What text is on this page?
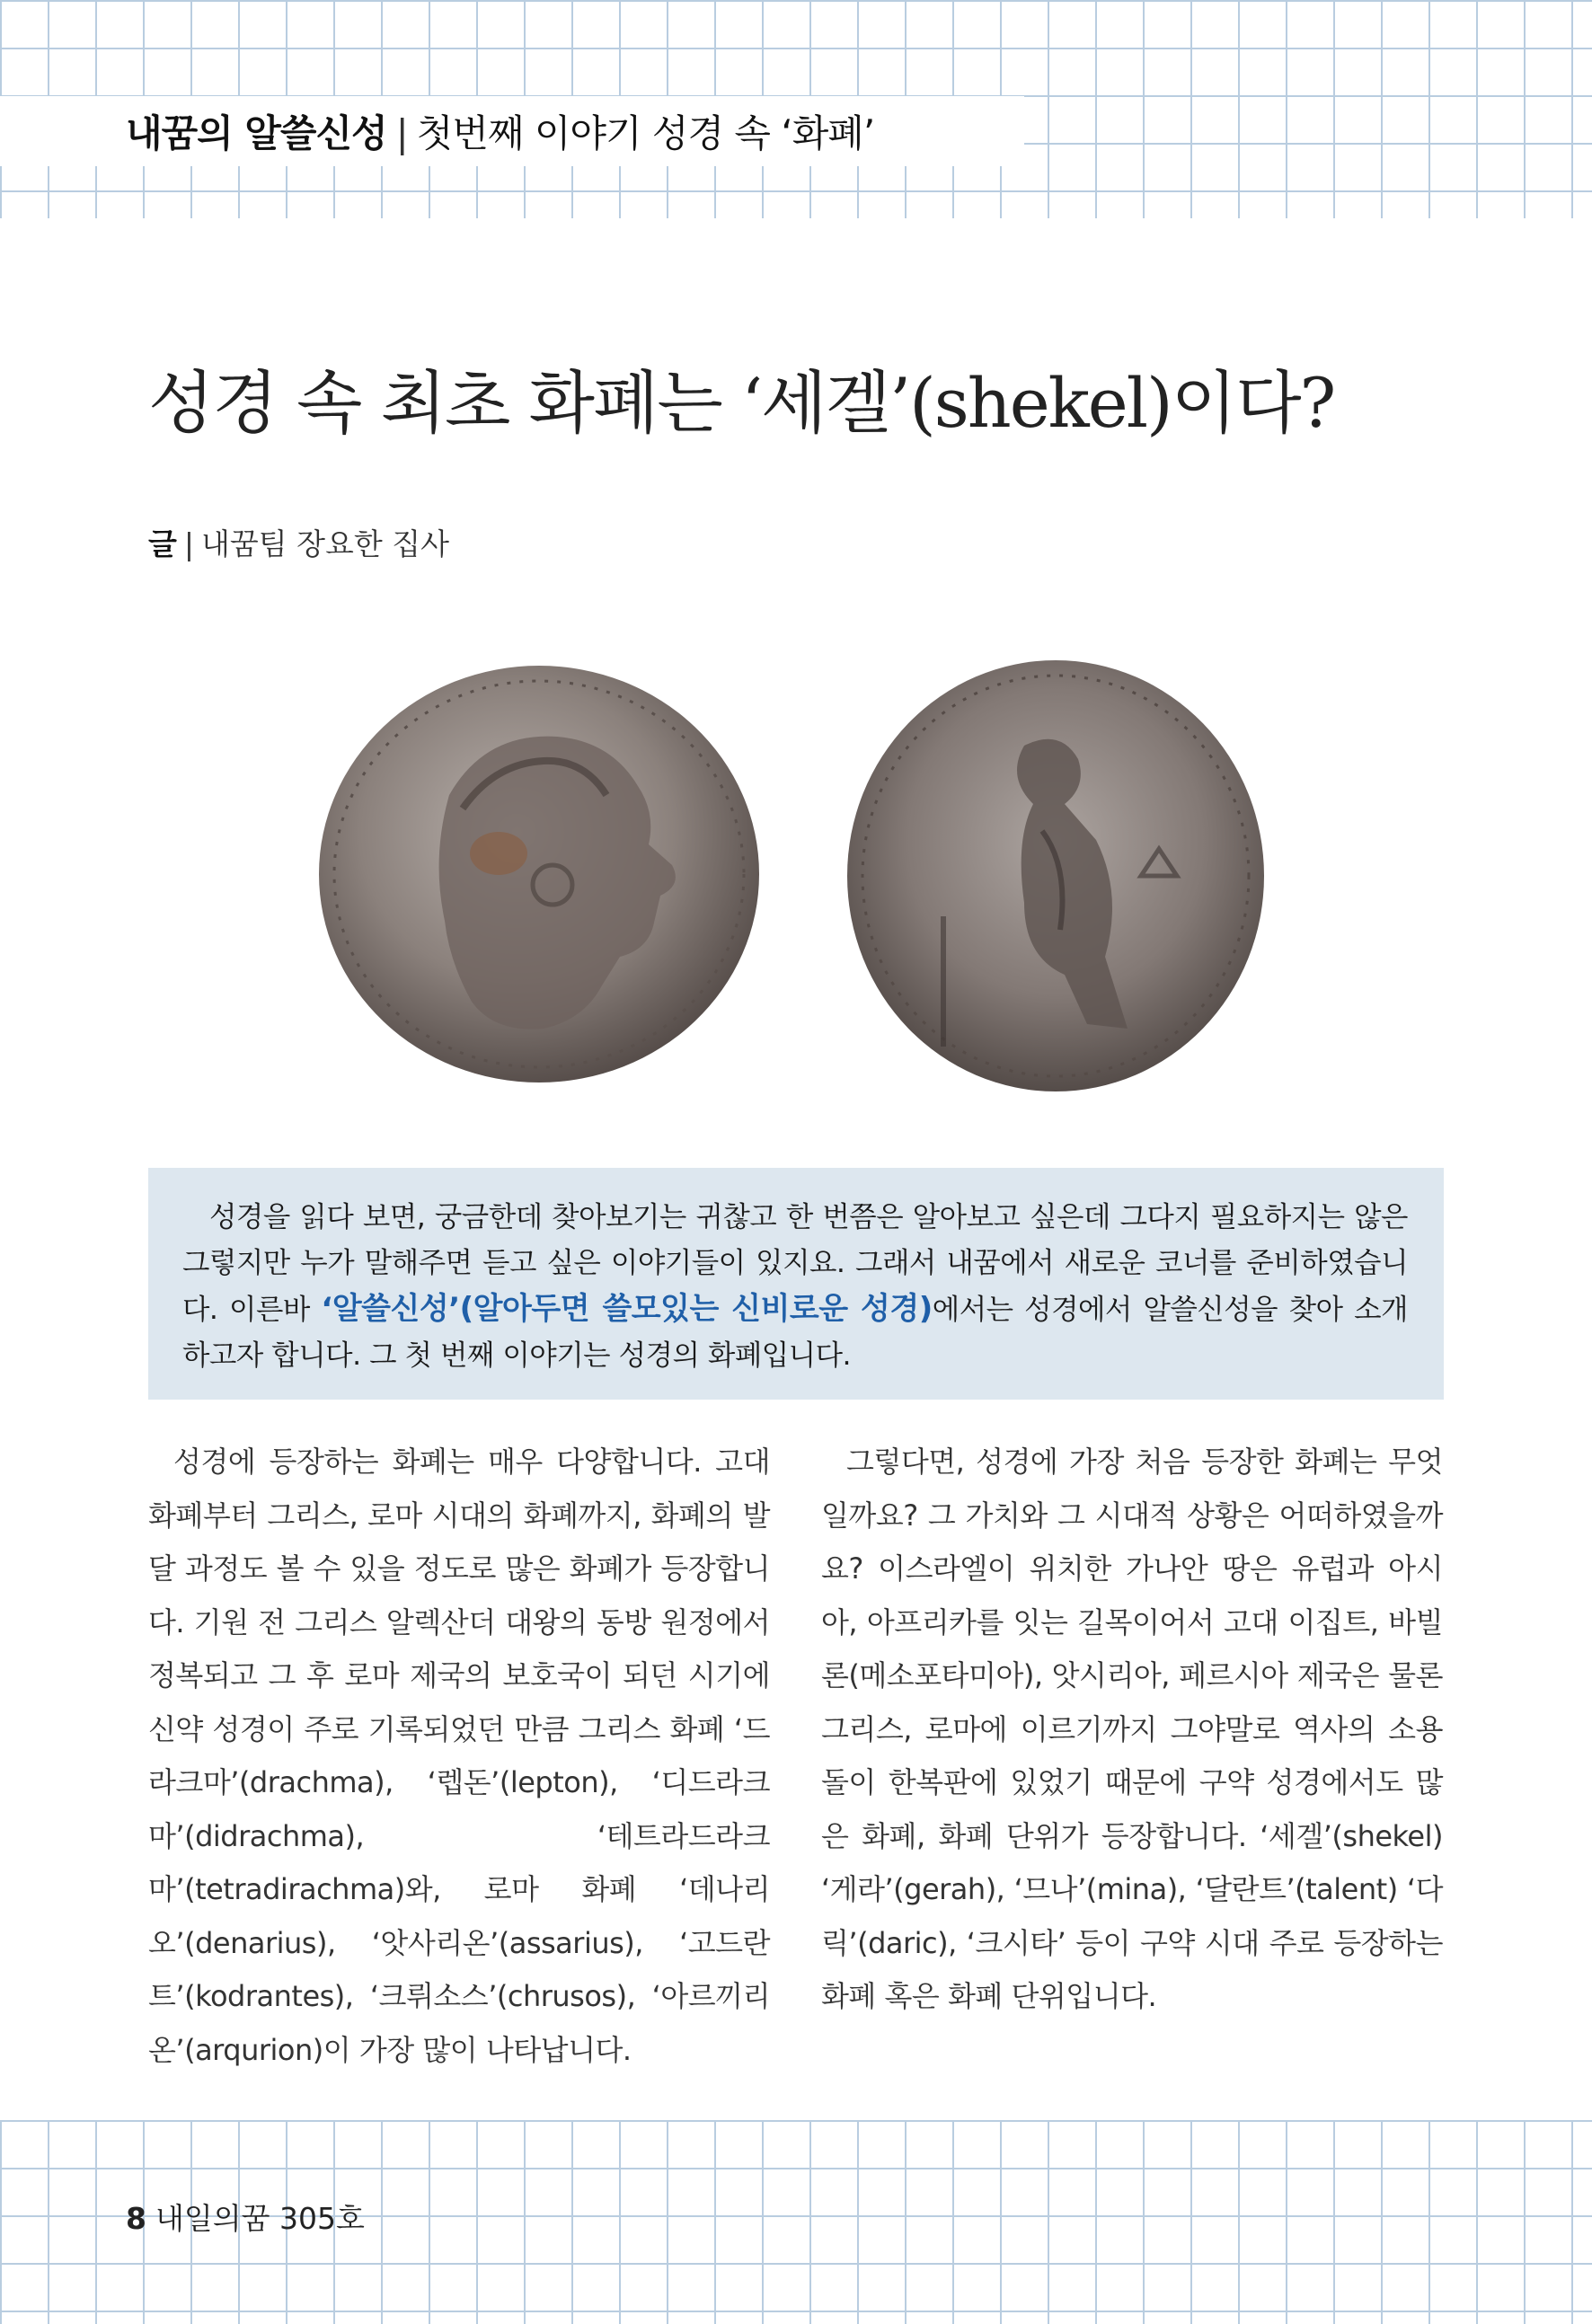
내꿈의 알쓸신성 | 첫번째 이야기 성경 속 ‘화폐’
성경 속 최초 화폐는 ‘세겔’(shekel)이다?
글 | 내꿈팀 장요한 집사

성경을 읽다 보면, 궁금한데 찾아보기는 귀찮고 한 번쯤은 알아보고 싶은데 그다지 필요하지는 않은 그렇지만 누가 말해주면 듣고 싶은 이야기들이 있지요. 그래서 내꿈에서 새로운 코너를 준비하였습니다. 이른바 ‘알쓸신성’(알아두면 쓸모있는 신비로운 성경)에서는 성경에서 알쓸신성을 찾아 소개하고자 합니다. 그 첫 번째 이야기는 성경의 화폐입니다.

성경에 등장하는 화폐는 매우 다양합니다. 고대 화폐부터 그리스, 로마 시대의 화폐까지, 화폐의 발달 과정도 볼 수 있을 정도로 많은 화폐가 등장합니다. 기원 전 그리스 알렉산더 대왕의 동방 원정에서 정복되고 그 후 로마 제국의 보호국이 되던 시기에 신약 성경이 주로 기록되었던 만큼 그리스 화폐 ‘드라크마’(drachma), ‘렙돈’(lepton), ‘디드라크마’(didrachma), ‘테트라드라크마’(tetradirachma)와, 로마 화폐 ‘데나리오’(denarius), ‘앗사리온’(assarius), ‘고드란트’(kodrantes), ‘크뤼소스’(chrusos), ‘아르끼리온’(arqurion)이 가장 많이 나타납니다.

그렇다면, 성경에 가장 처음 등장한 화폐는 무엇일까요? 그 가치와 그 시대적 상황은 어떠하였을까요? 이스라엘이 위치한 가나안 땅은 유럽과 아시아, 아프리카를 잇는 길목이어서 고대 이집트, 바빌론(메소포타미아), 앗시리아, 페르시아 제국은 물론 그리스, 로마에 이르기까지 그야말로 역사의 소용돌이 한복판에 있었기 때문에 구약 성경에서도 많은 화폐, 화폐 단위가 등장합니다. ‘세겔’(shekel) ‘게라’(gerah), ‘므나’(mina), ‘달란트’(talent) ‘다릭’(daric), ‘크시타’ 등이 구약 시대 주로 등장하는 화폐 혹은 화폐 단위입니다.

8 내일의꿈 305호
